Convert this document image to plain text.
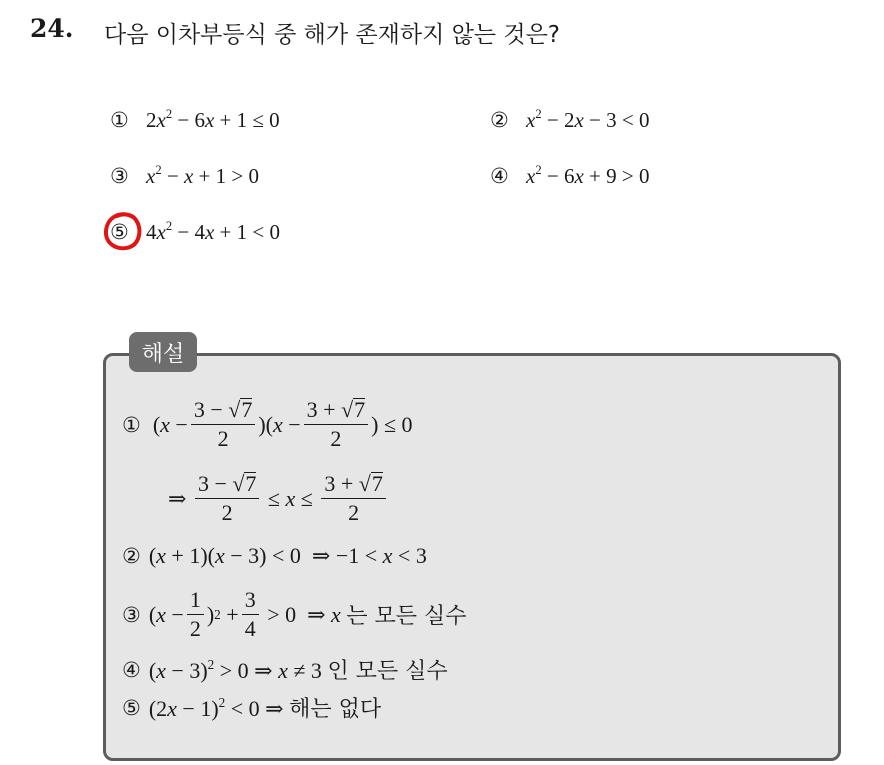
24. 다음 이차부등식 중 해가 존재하지 않는 것은?
① $2x^2 - 6x + 1 \le 0$	② $x^2 - 2x - 3 < 0$
③ $x^2 - x + 1 > 0$	④ $x^2 - 6x + 9 > 0$
⑤ $4x^2 - 4x + 1 < 0$
해설
① ( $x - \frac{3 - √7}{2}$ )( $x - \frac{3 + √7}{2}$ ) ≤ 0
⇒ $\frac{3 - √7}{2} \le x \le \frac{3 + √7}{2}$
② (x + 1)(x − 3) < 0  ⇒ −1 < x < 3
③ ( $x - \frac{1}{2}$ ) $2 + \frac{3}{4} > 0$  ⇒ x
는 모든 실수
④ $(x - 3)^2 > 0$ ⇒ x ≠ 3 인 모든 실수
⑤ $(2x - 1)^2 < 0$ ⇒ 해는 없다
